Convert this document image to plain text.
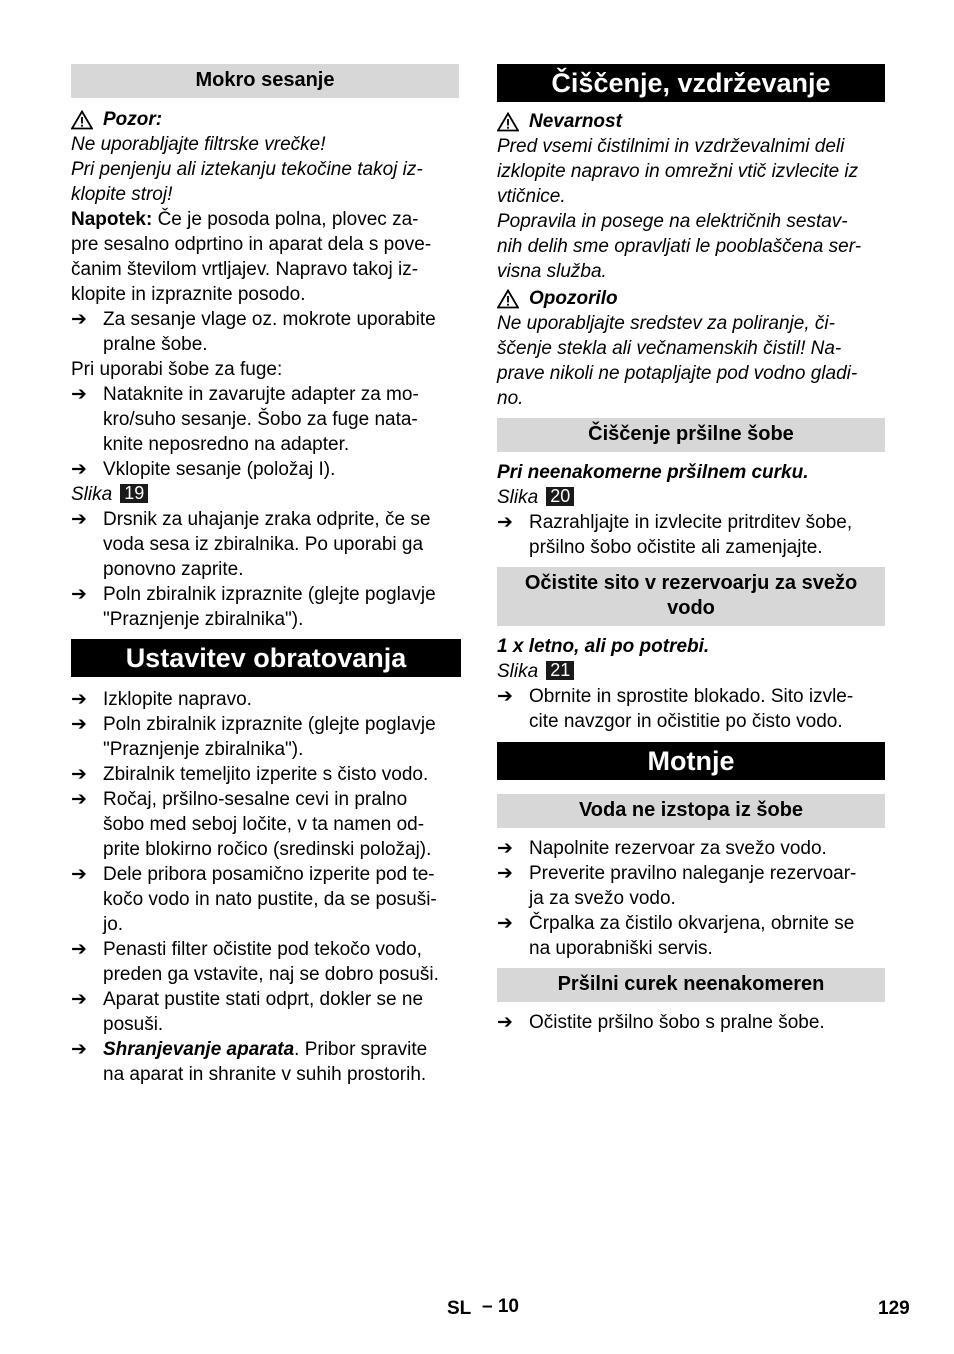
Mokro sesanje
Pozor:
Ne uporabljajte filtrske vrečke!
Pri penjenju ali iztekanju tekočine takoj iz-
klopite stroj!
Napotek: Če je posoda polna, plovec za-
pre sesalno odprtino in aparat dela s pove-
čanim številom vrtljajev. Napravo takoj iz-
klopite in izpraznite posodo.
➔ Za sesanje vlage oz. mokrote uporabite
pralne šobe.
Pri uporabi šobe za fuge:
➔ Nataknite in zavarujte adapter za mo-
kro/suho sesanje. Šobo za fuge nata-
knite neposredno na adapter.
➔ Vklopite sesanje (položaj I).
Slika 19
➔ Drsnik za uhajanje zraka odprite, če se
voda sesa iz zbiralnika. Po uporabi ga
ponovno zaprite.
➔ Poln zbiralnik izpraznite (glejte poglavje
"Praznjenje zbiralnika").
Ustavitev obratovanja
➔ Izklopite napravo.
➔ Poln zbiralnik izpraznite (glejte poglavje
"Praznjenje zbiralnika").
➔ Zbiralnik temeljito izperite s čisto vodo.
➔ Ročaj, pršilno-sesalne cevi in pralno
šobo med seboj ločite, v ta namen od-
prite blokirno ročico (sredinski položaj).
➔ Dele pribora posamično izperite pod te-
kočo vodo in nato pustite, da se posuši-
jo.
➔ Penasti filter očistite pod tekočo vodo,
preden ga vstavite, naj se dobro posuši.
➔ Aparat pustite stati odprt, dokler se ne
posuši.
➔ Shranjevanje aparata. Pribor spravite
na aparat in shranite v suhih prostorih.
Čiščenje, vzdrževanje
Nevarnost
Pred vsemi čistilnimi in vzdrževalnimi deli
izklopite napravo in omrežni vtič izvlecite iz
vtičnice.
Popravila in posege na električnih sestav-
nih delih sme opravljati le pooblaščena ser-
visna služba.
Opozorilo
Ne uporabljajte sredstev za poliranje, či-
ščenje stekla ali večnamenskih čistil! Na-
prave nikoli ne potapljajte pod vodno gladi-
no.
Čiščenje pršilne šobe
Pri neenakomerne pršilnem curku.
Slika 20
➔ Razrahljajte in izvlecite pritrditev šobe,
pršilno šobo očistite ali zamenjajte.
Očistite sito v rezervoarju za svežo
vodo
1 x letno, ali po potrebi.
Slika 21
➔ Obrnite in sprostite blokado. Sito izvle-
cite navzgor in očistitie po čisto vodo.
Motnje
Voda ne izstopa iz šobe
➔ Napolnite rezervoar za svežo vodo.
➔ Preverite pravilno naleganje rezervoar-
ja za svežo vodo.
➔ Črpalka za čistilo okvarjena, obrnite se
na uporabniški servis.
Pršilni curek neenakomeren
➔ Očistite pršilno šobo s pralne šobe.
SL – 10	129
